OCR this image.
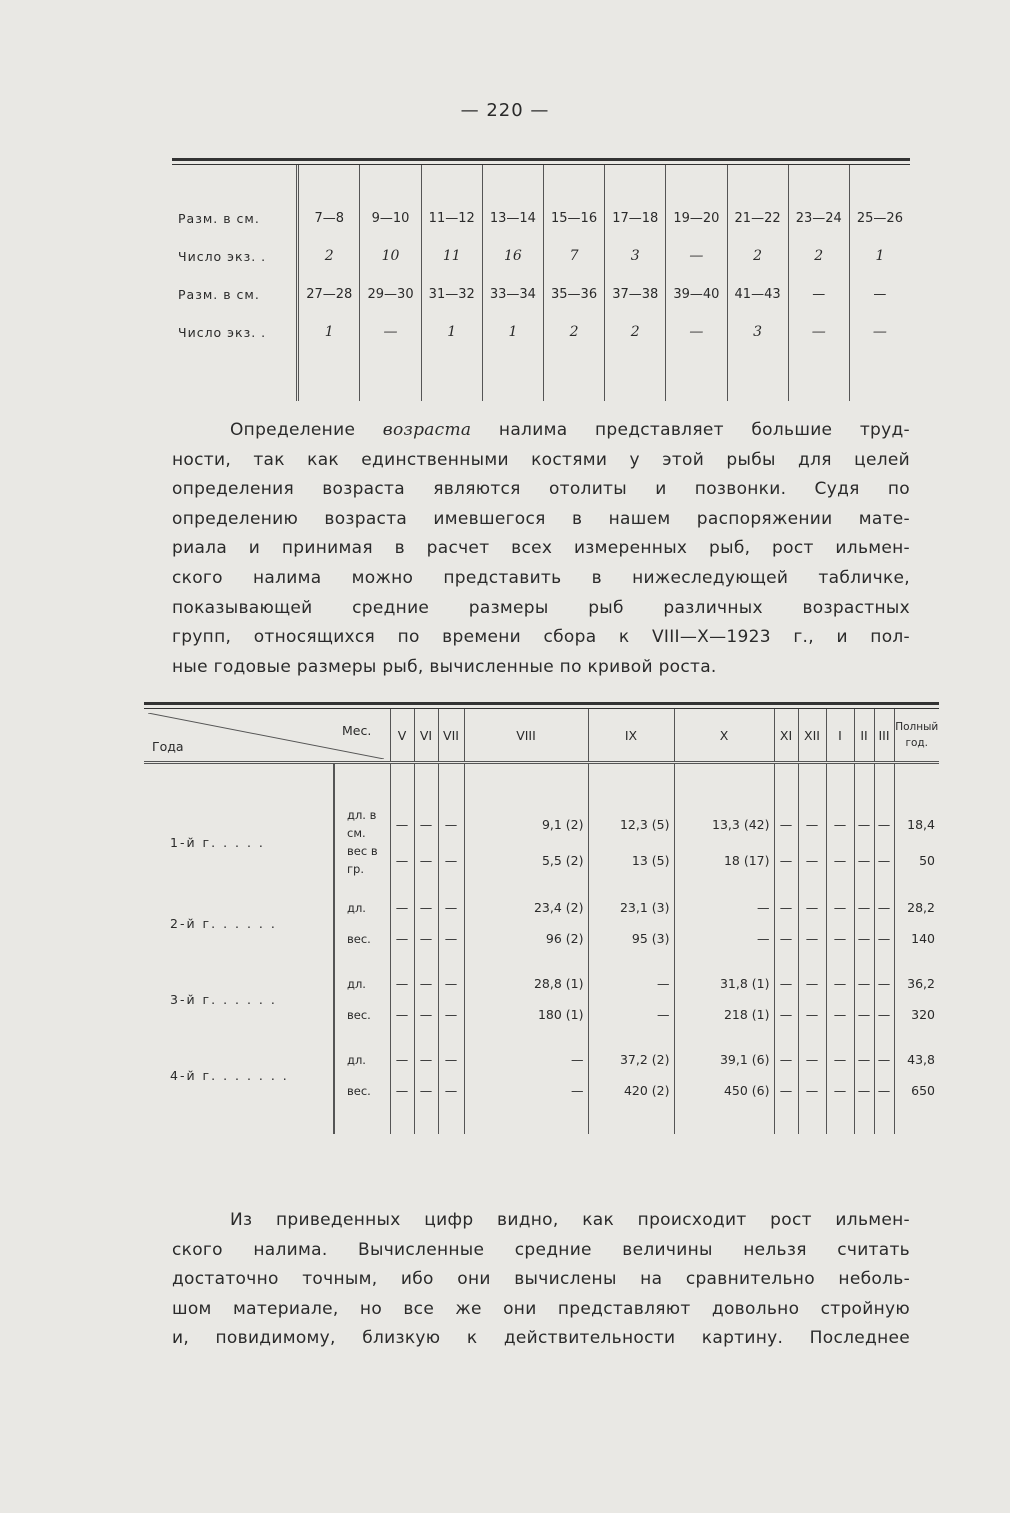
— 220 —

Разм. в см.	7—8	9—10	11—12	13—14	15—16	17—18	19—20	21—22	23—24	25—26
Число экз. .	2	10	11	16	7	3	—	2	2	1
Разм. в см.	27—28	29—30	31—32	33—34	35—36	37—38	39—40	41—43	—	—
Число экз. .	1	—	1	1	2	2	—	3	—	—

Определение возраста налима представляет большие труд-
ности, так как единственными костями у этой рыбы для целей
определения возраста являются отолиты и позвонки. Судя по
определению возраста имевшегося в нашем распоряжении мате-
риала и принимая в расчет всех измеренных рыб, рост ильмен-
ского налима можно представить в нижеследующей табличке,
показывающей средние размеры рыб различных возрастных
групп, относящихся по времени сбора к VIII—X—1923 г., и пол-
ные годовые размеры рыб, вычисленные по кривой роста.
Мес.
Года		V	VI	VII	VIII	IX	X	XI	XII	I	II	III	Полный год.

1-й г. . . . .	дл. в см.	—	—	—	9,1 (2)	12,3 (5)	13,3 (42)	—	—	—	—	—	18,4
	вес в гр.	—	—	—	5,5 (2)	13 (5)	18 (17)	—	—	—	—	—	50

2-й г. . . . . .	дл.	—	—	—	23,4 (2)	23,1 (3)	—	—	—	—	—	—	28,2
	вес.	—	—	—	96 (2)	95 (3)	—	—	—	—	—	—	140

3-й г. . . . . .	дл.	—	—	—	28,8 (1)	—	31,8 (1)	—	—	—	—	—	36,2
	вес.	—	—	—	180 (1)	—	218 (1)	—	—	—	—	—	320

4-й г. . . . . . .	дл.	—	—	—	—	37,2 (2)	39,1 (6)	—	—	—	—	—	43,8
	вес.	—	—	—	—	420 (2)	450 (6)	—	—	—	—	—	650

Из приведенных цифр видно, как происходит рост ильмен-
ского налима. Вычисленные средние величины нельзя считать
достаточно точным, ибо они вычислены на сравнительно неболь-
шом материале, но все же они представляют довольно стройную
и, повидимому, близкую к действительности картину. Последнее
